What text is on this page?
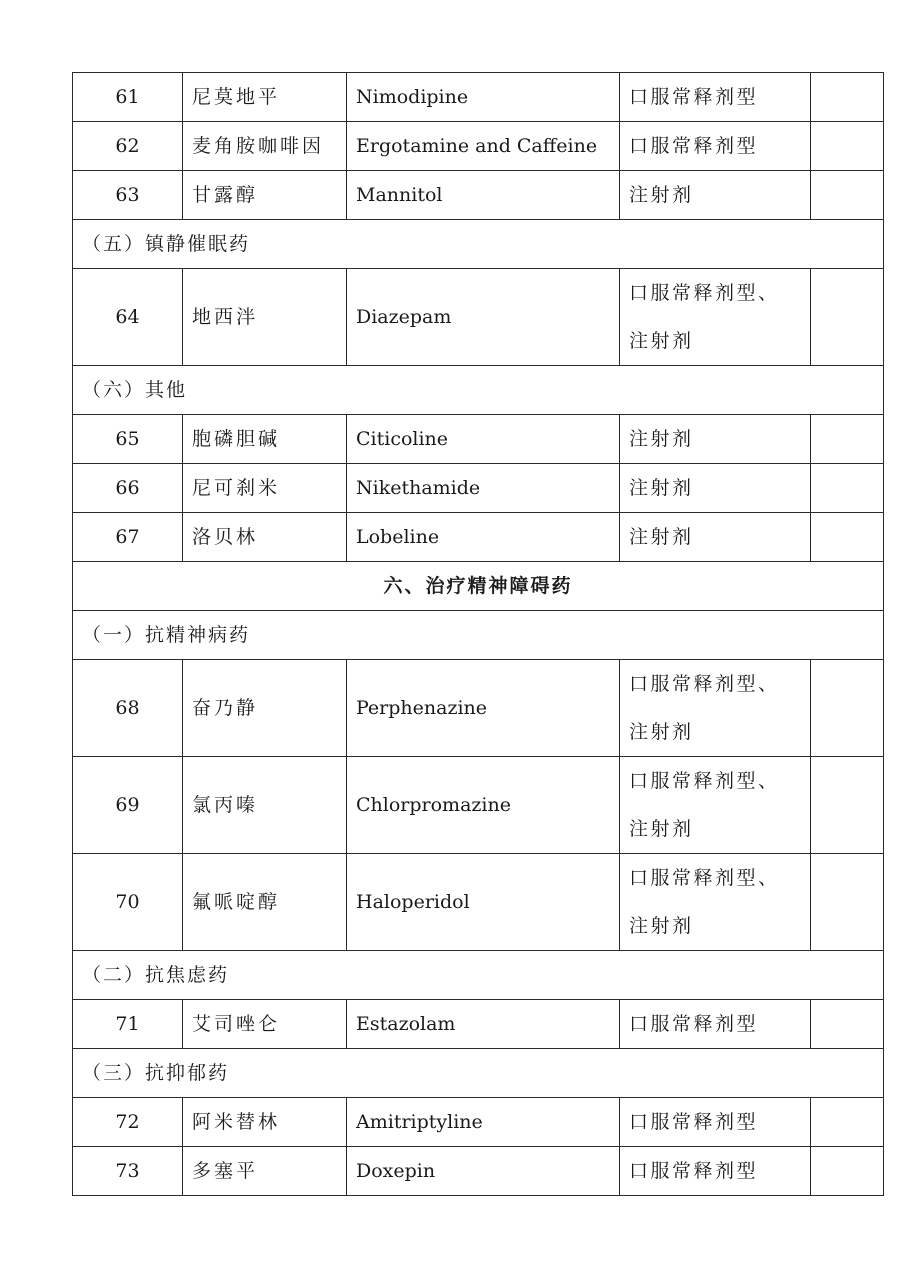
61	尼莫地平	Nimodipine	口服常释剂型	
62	麦角胺咖啡因	Ergotamine and Caffeine	口服常释剂型	
63	甘露醇	Mannitol	注射剂	
（五）镇静催眠药				
64	地西泮	Diazepam	口服常释剂型、
注射剂	

（六）其他				
65	胞磷胆碱	Citicoline	注射剂	
66	尼可刹米	Nikethamide	注射剂	
67	洛贝林	Lobeline	注射剂	
六、治疗精神障碍药				
（一）抗精神病药				
68	奋乃静	Perphenazine	口服常释剂型、
注射剂	

69	氯丙嗪	Chlorpromazine	口服常释剂型、
注射剂	

70	氟哌啶醇	Haloperidol	口服常释剂型、
注射剂	

（二）抗焦虑药				
71	艾司唑仑	Estazolam	口服常释剂型	
（三）抗抑郁药				
72	阿米替林	Amitriptyline	口服常释剂型	
73	多塞平	Doxepin	口服常释剂型	
